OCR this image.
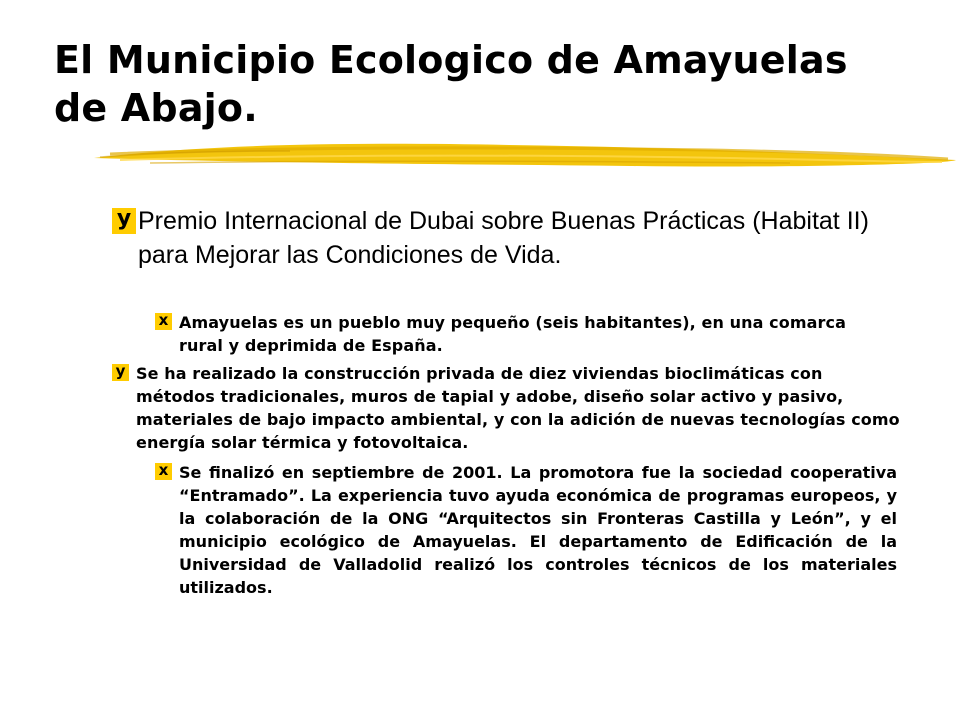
El Municipio Ecologico de Amayuelas de Abajo.
y Premio Internacional de Dubai sobre Buenas Prácticas (Habitat II) para Mejorar las Condiciones de Vida.
x Amayuelas es un pueblo muy pequeño (seis habitantes), en una comarca rural y deprimida de España.
y Se ha realizado la construcción privada de diez viviendas bioclimáticas con métodos tradicionales, muros de tapial y adobe, diseño solar activo y pasivo, materiales de bajo impacto ambiental, y con la adición de nuevas tecnologías como energía solar térmica y fotovoltaica.
x Se finalizó en septiembre de 2001. La promotora fue la sociedad cooperativa “Entramado”. La experiencia tuvo ayuda económica de programas europeos, y la colaboración de la ONG “Arquitectos sin Fronteras Castilla y León”, y el municipio ecológico de Amayuelas. El departamento de Edificación de la Universidad de Valladolid realizó los controles técnicos de los materiales utilizados.
